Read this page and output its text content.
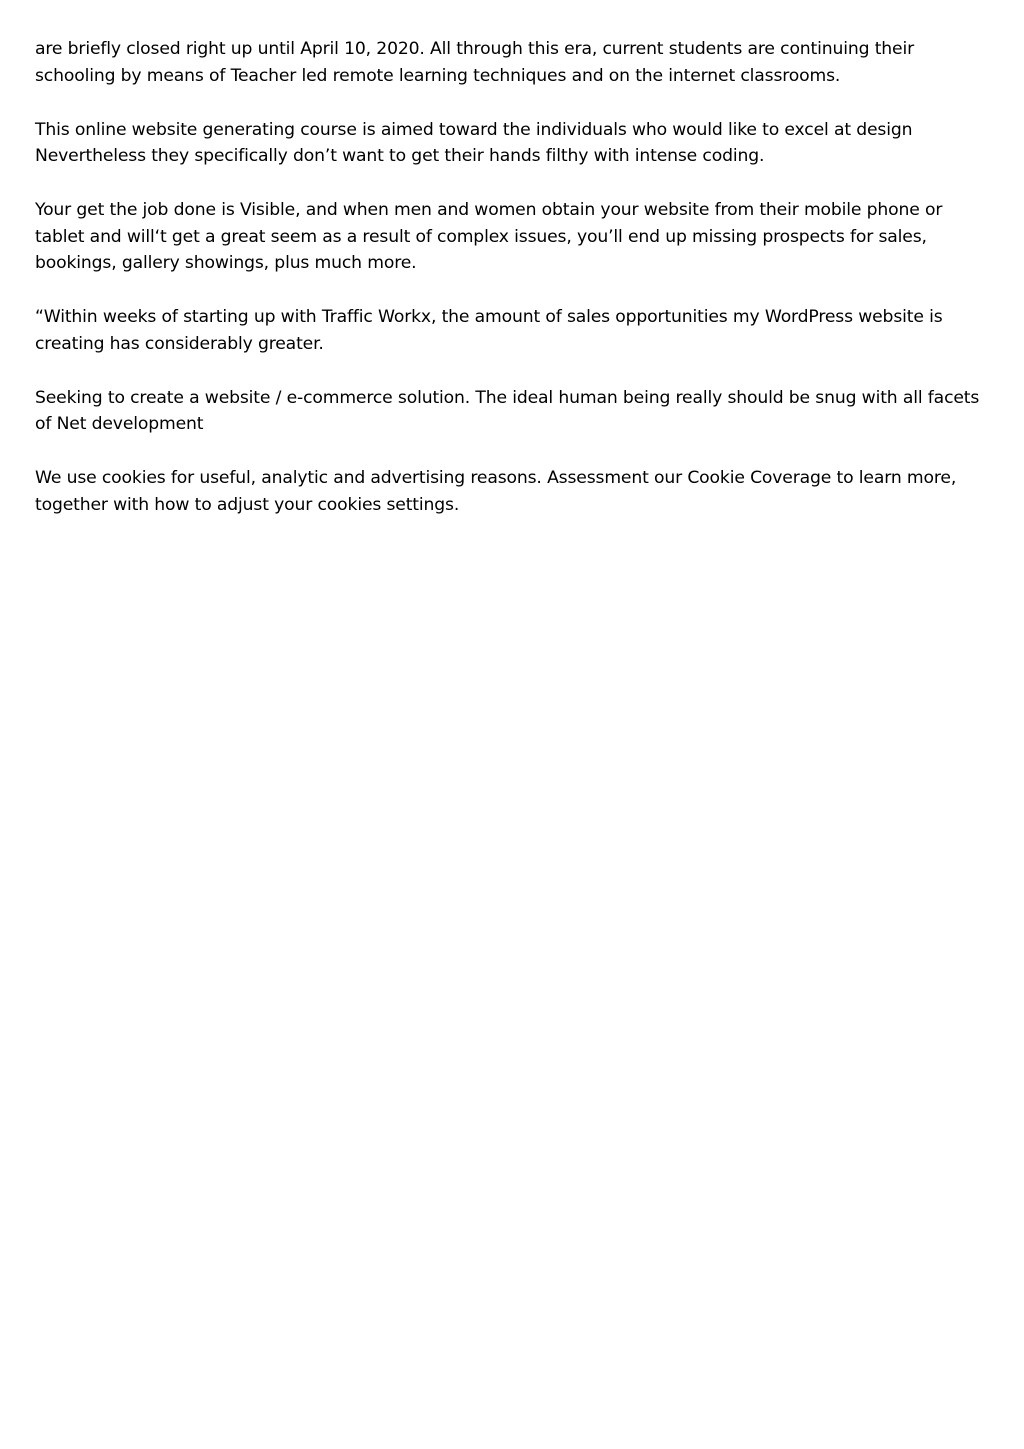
are briefly closed right up until April 10, 2020. All through this era, current students are continuing their schooling by means of Teacher led remote learning techniques and on the internet classrooms.

This online website generating course is aimed toward the individuals who would like to excel at design Nevertheless they specifically don’t want to get their hands filthy with intense coding.

Your get the job done is Visible, and when men and women obtain your website from their mobile phone or tablet and will‘t get a great seem as a result of complex issues, you’ll end up missing prospects for sales, bookings, gallery showings, plus much more.

“Within weeks of starting up with Traffic Workx, the amount of sales opportunities my WordPress website is creating has considerably greater.

Seeking to create a website / e-commerce solution. The ideal human being really should be snug with all facets of Net development

We use cookies for useful, analytic and advertising reasons. Assessment our Cookie Coverage to learn more, together with how to adjust your cookies settings.
